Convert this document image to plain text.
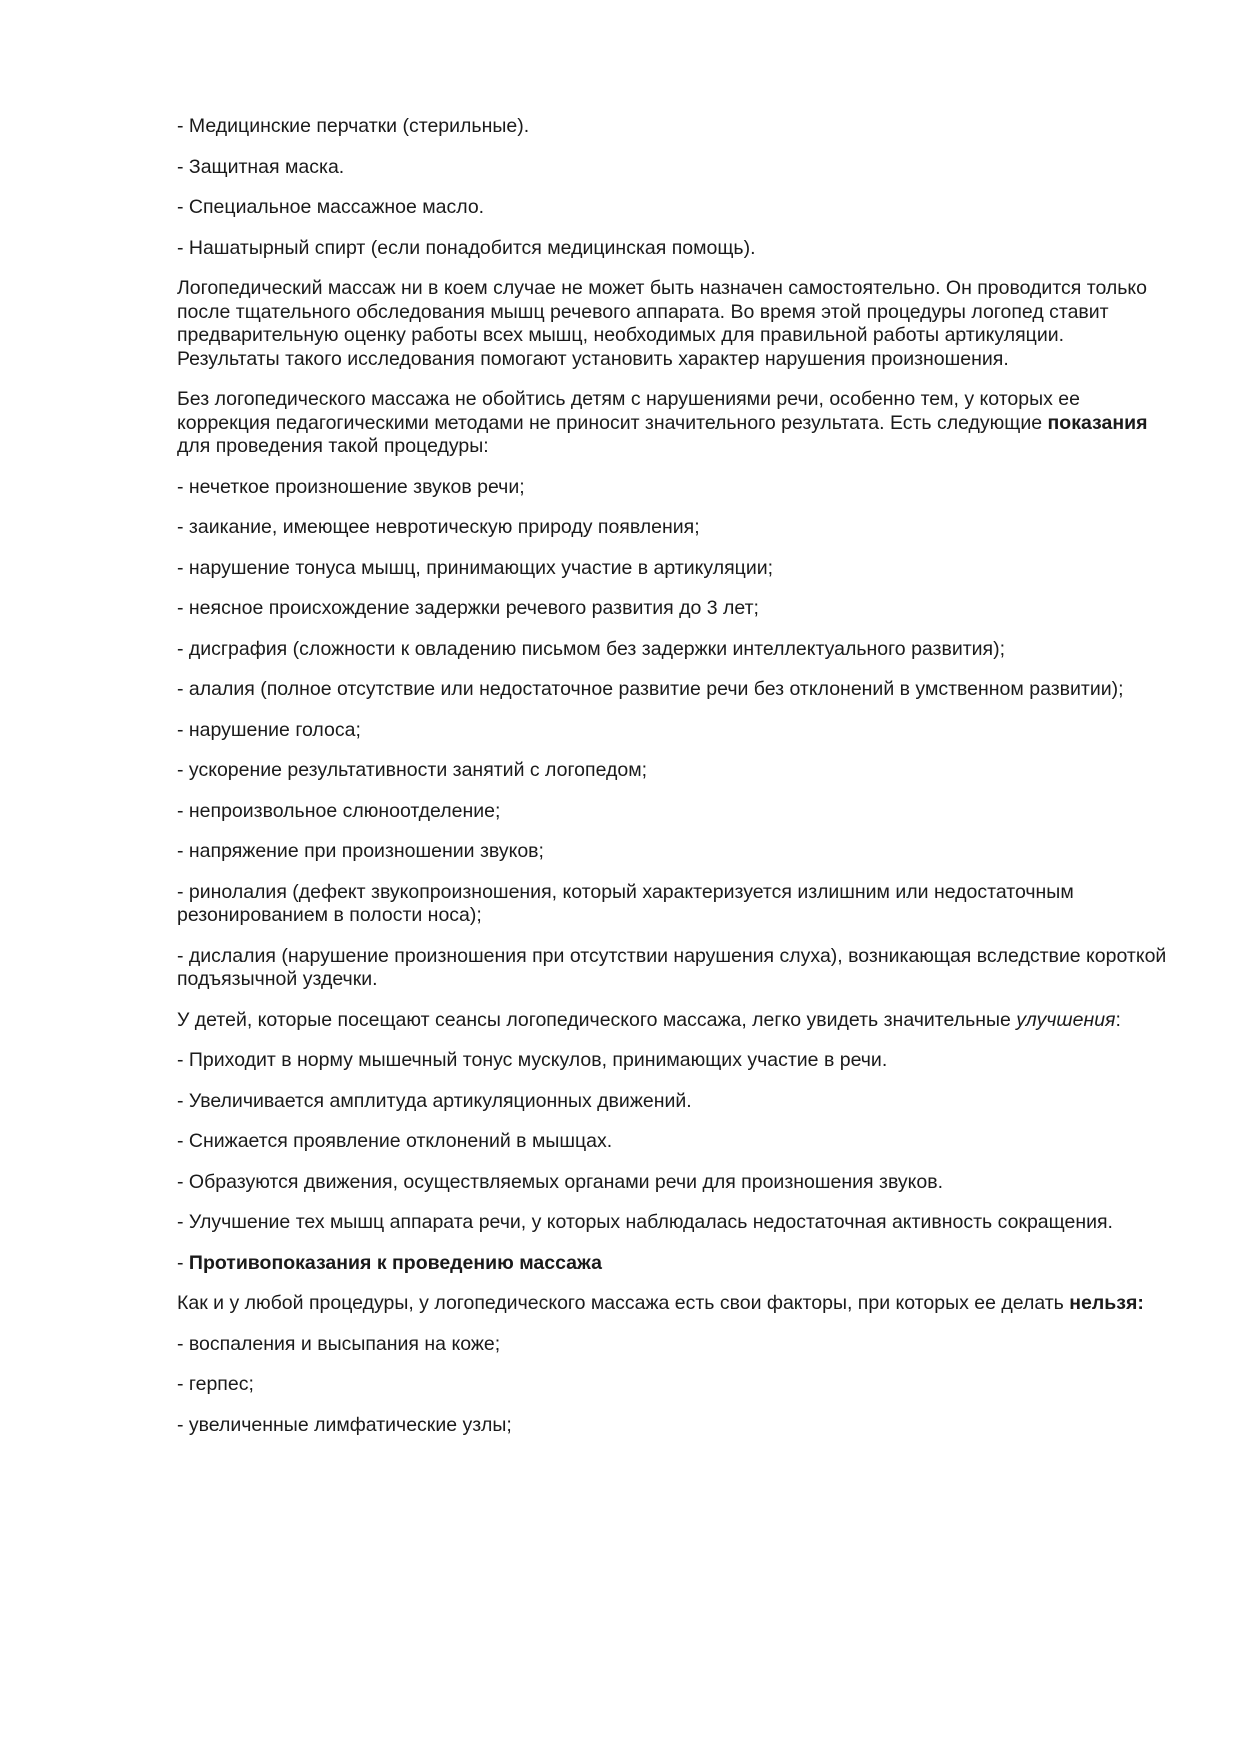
- Медицинские перчатки (стерильные).

- Защитная маска.

- Специальное массажное масло.

- Нашатырный спирт (если понадобится медицинская помощь).

Логопедический массаж ни в коем случае не может быть назначен самостоятельно. Он проводится только после тщательного обследования мышц речевого аппарата. Во время этой процедуры логопед ставит предварительную оценку работы всех мышц, необходимых для правильной работы артикуляции. Результаты такого исследования помогают установить характер нарушения произношения.

Без логопедического массажа не обойтись детям с нарушениями речи, особенно тем, у которых ее коррекция педагогическими методами не приносит значительного результата. Есть следующие показания для проведения такой процедуры:

- нечеткое произношение звуков речи;

- заикание, имеющее невротическую природу появления;

- нарушение тонуса мышц, принимающих участие в артикуляции;

- неясное происхождение задержки речевого развития до 3 лет;

- дисграфия (сложности к овладению письмом без задержки интеллектуального развития);

- алалия (полное отсутствие или недостаточное развитие речи без отклонений в умственном развитии);

- нарушение голоса;

- ускорение результативности занятий с логопедом;

- непроизвольное слюноотделение;

- напряжение при произношении звуков;

- ринолалия (дефект звукопроизношения, который характеризуется излишним или недостаточным резонированием в полости носа);

- дислалия (нарушение произношения при отсутствии нарушения слуха), возникающая вследствие короткой подъязычной уздечки.

У детей, которые посещают сеансы логопедического массажа, легко увидеть значительные улучшения:

- Приходит в норму мышечный тонус мускулов, принимающих участие в речи.

- Увеличивается амплитуда артикуляционных движений.

- Снижается проявление отклонений в мышцах.

- Образуются движения, осуществляемых органами речи для произношения звуков.

- Улучшение тех мышц аппарата речи, у которых наблюдалась недостаточная активность сокращения.

- Противопоказания к проведению массажа

Как и у любой процедуры, у логопедического массажа есть свои факторы, при которых ее делать нельзя:

- воспаления и высыпания на коже;

- герпес;

- увеличенные лимфатические узлы;
